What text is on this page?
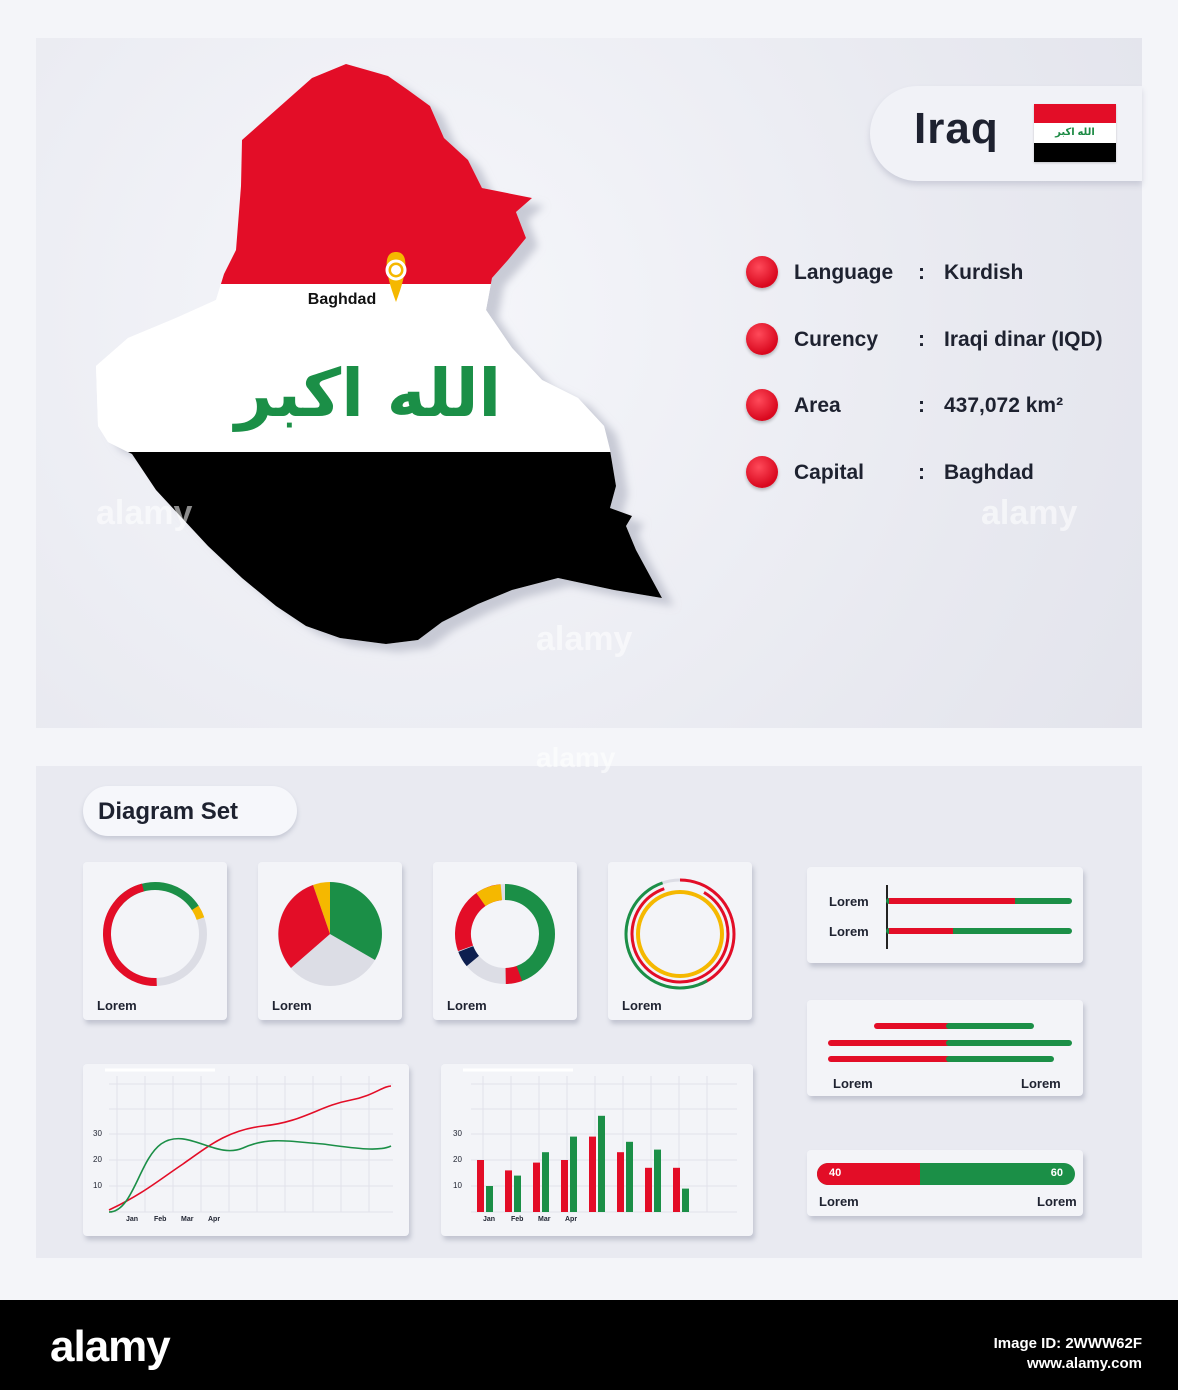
الله اكبر
Baghdad
Iraq	الله اكبر
Language : Kurdish
Curency : Iraqi dinar (IQD)
Area	: 437,072 km²
Capital	: Baghdad
alamy
alamy
alamy
Diagram Set
Lorem	Lorem	Lorem	Lorem
Lorem
Lorem
Lorem	Lorem
40	60
Lorem	Lorem
30
20
10
Jan Feb Mar Apr
30
20
10
Jan Feb Mar Apr
alamy
alamy	Image ID: 2WWW62F
www.alamy.com
